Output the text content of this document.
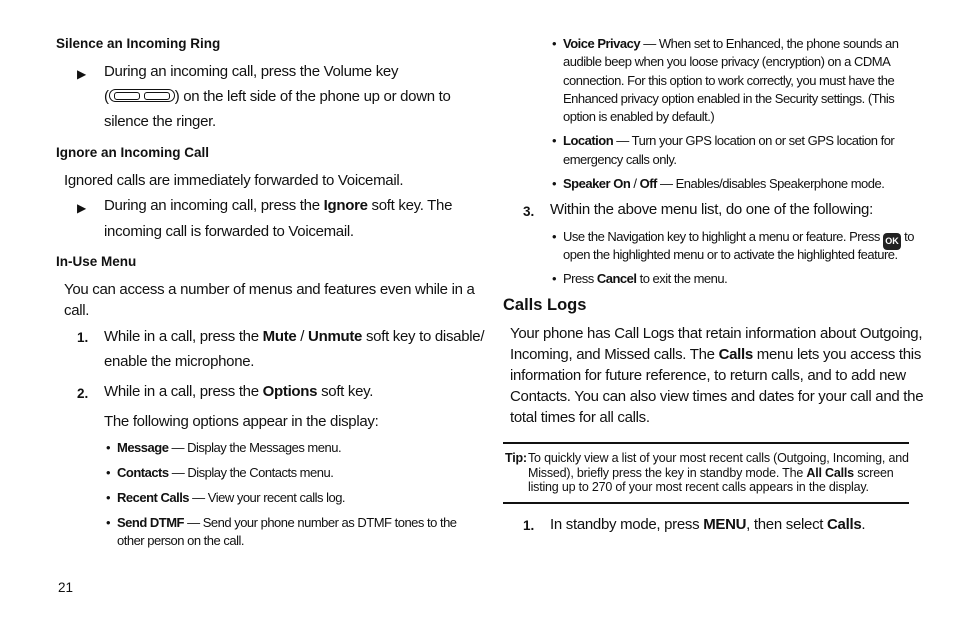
Silence an Incoming Ring
▶ During an incoming call, press the Volume key
(	) on the left side of the phone up or down to
silence the ringer.
Ignore an Incoming Call
Ignored calls are immediately forwarded to Voicemail.
▶ During an incoming call, press the Ignore soft key. The
incoming call is forwarded to Voicemail.
In-Use Menu
You can access a number of menus and features even while in a
call.
1. While in a call, press the Mute / Unmute soft key to disable/
enable the microphone.
2. While in a call, press the Options soft key.
The following options appear in the display:
• Message — Display the Messages menu.
• Contacts — Display the Contacts menu.
• Recent Calls — View your recent calls log.
• Send DTMF — Send your phone number as DTMF tones to the
other person on the call.
21
• Voice Privacy — When set to Enhanced, the phone sounds an
audible beep when you loose privacy (encryption) on a CDMA
connection. For this option to work correctly, you must have the
Enhanced privacy option enabled in the Security settings. (This
option is enabled by default.)
• Location — Turn your GPS location on or set GPS location for
emergency calls only.
• Speaker On / Off — Enables/disables Speakerphone mode.
3. Within the above menu list, do one of the following:
• Use the Navigation key to highlight a menu or feature. Press OK to
open the highlighted menu or to activate the highlighted feature.
• Press Cancel to exit the menu.
Calls Logs
Your phone has Call Logs that retain information about Outgoing,
Incoming, and Missed calls. The Calls menu lets you access this
information for future reference, to return calls, and to add new
Contacts. You can also view times and dates for your call and the
total times for all calls.
Tip: To quickly view a list of your most recent calls (Outgoing, Incoming, and
Missed), briefly press the key in standby mode. The All Calls screen
listing up to 270 of your most recent calls appears in the display.
1. In standby mode, press MENU, then select Calls.
